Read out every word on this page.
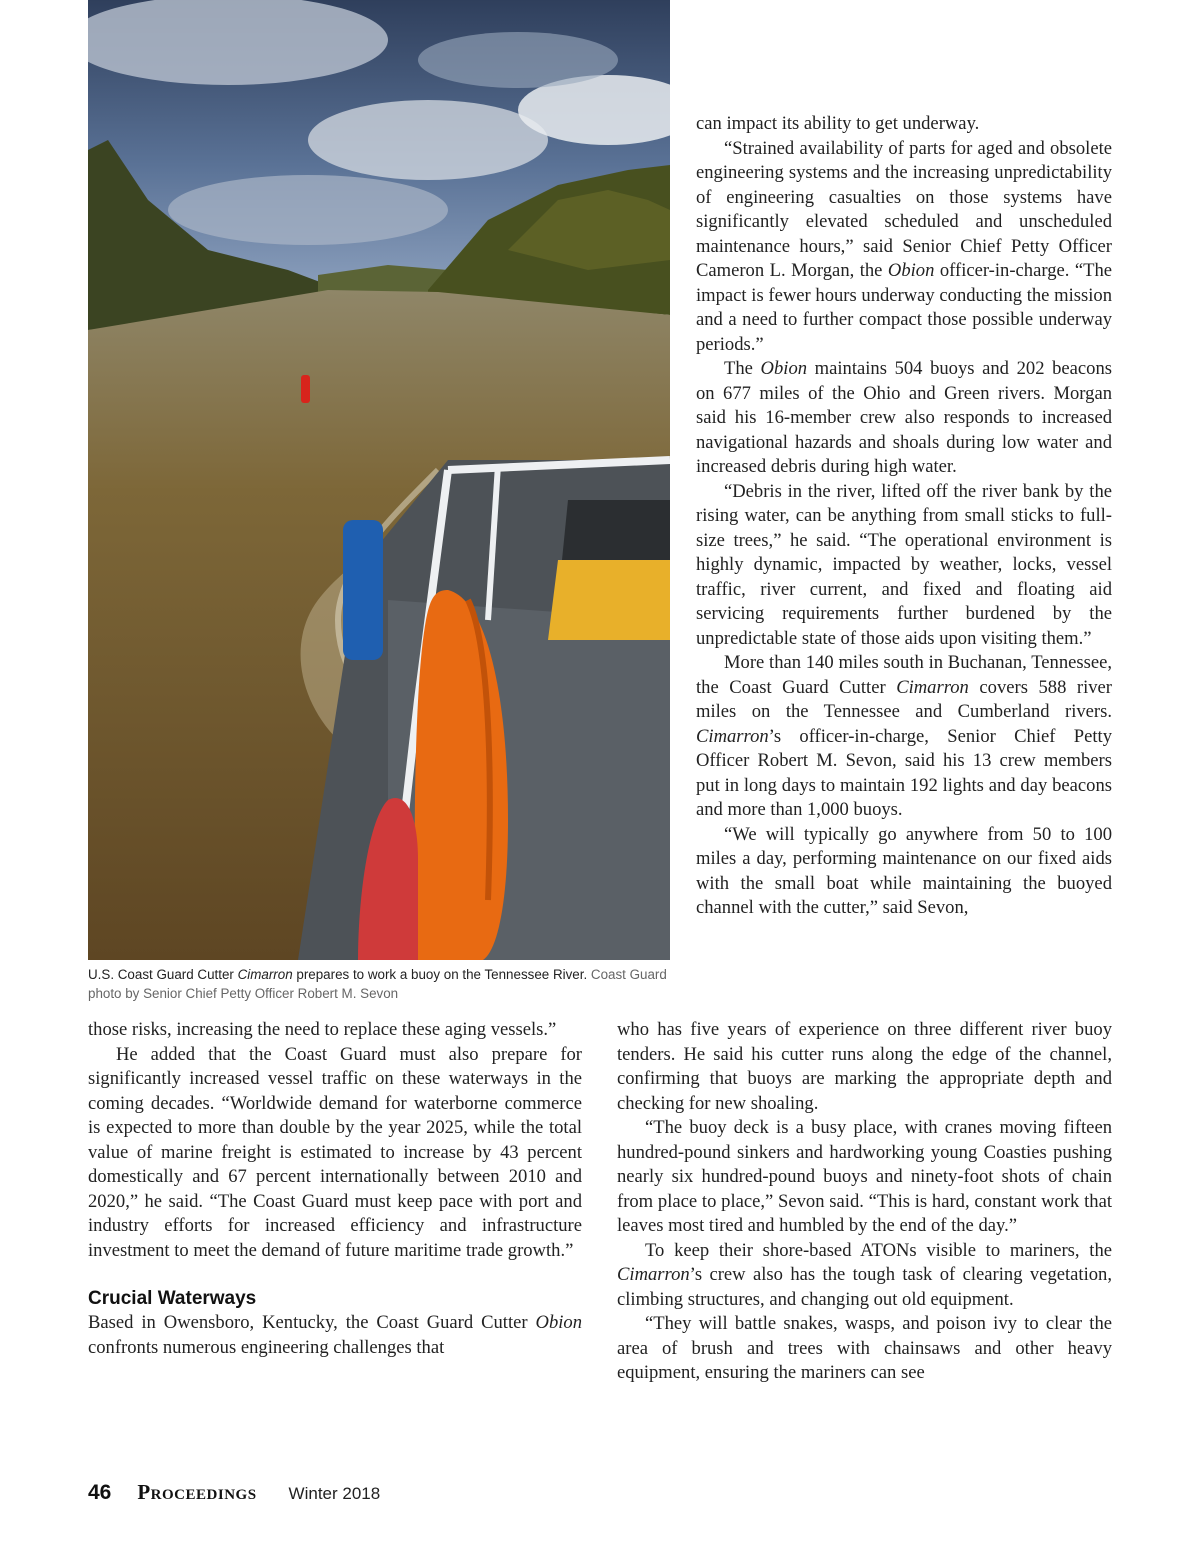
U.S. Coast Guard Cutter Cimarron prepares to work a buoy on the Tennessee River. Coast Guard photo by Senior Chief Petty Officer Robert M. Sevon

can impact its ability to get underway.

“Strained availability of parts for aged and obsolete engineering systems and the increasing unpredictability of engineering casualties on those systems have significantly elevated scheduled and unscheduled maintenance hours,” said Senior Chief Petty Officer Cameron L. Morgan, the Obion officer-in-charge. “The impact is fewer hours underway conducting the mission and a need to further compact those possible underway periods.”

The Obion maintains 504 buoys and 202 beacons on 677 miles of the Ohio and Green rivers. Morgan said his 16-member crew also responds to increased navigational hazards and shoals during low water and increased debris during high water.

“Debris in the river, lifted off the river bank by the rising water, can be anything from small sticks to full-size trees,” he said. “The operational environment is highly dynamic, impacted by weather, locks, vessel traffic, river current, and fixed and floating aid servicing requirements further burdened by the unpredictable state of those aids upon visiting them.”

More than 140 miles south in Buchanan, Tennessee, the Coast Guard Cutter Cimarron covers 588 river miles on the Tennessee and Cumberland rivers. Cimarron’s officer-in-charge, Senior Chief Petty Officer Robert M. Sevon, said his 13 crew members put in long days to maintain 192 lights and day beacons and more than 1,000 buoys.

“We will typically go anywhere from 50 to 100 miles a day, performing maintenance on our fixed aids with the small boat while maintaining the buoyed channel with the cutter,” said Sevon,

those risks, increasing the need to replace these aging vessels.”

He added that the Coast Guard must also prepare for significantly increased vessel traffic on these waterways in the coming decades. “Worldwide demand for waterborne commerce is expected to more than double by the year 2025, while the total value of marine freight is estimated to increase by 43 percent domestically and 67 percent internationally between 2010 and 2020,” he said. “The Coast Guard must keep pace with port and industry efforts for increased efficiency and infrastructure investment to meet the demand of future maritime trade growth.”

Crucial Waterways

Based in Owensboro, Kentucky, the Coast Guard Cutter Obion confronts numerous engineering challenges that

who has five years of experience on three different river buoy tenders. He said his cutter runs along the edge of the channel, confirming that buoys are marking the appropriate depth and checking for new shoaling.

“The buoy deck is a busy place, with cranes moving fifteen hundred-pound sinkers and hardworking young Coasties pushing nearly six hundred-pound buoys and ninety-foot shots of chain from place to place,” Sevon said. “This is hard, constant work that leaves most tired and humbled by the end of the day.”

To keep their shore-based ATONs visible to mariners, the Cimarron’s crew also has the tough task of clearing vegetation, climbing structures, and changing out old equipment.

“They will battle snakes, wasps, and poison ivy to clear the area of brush and trees with chainsaws and other heavy equipment, ensuring the mariners can see

46 Proceedings Winter 2018
